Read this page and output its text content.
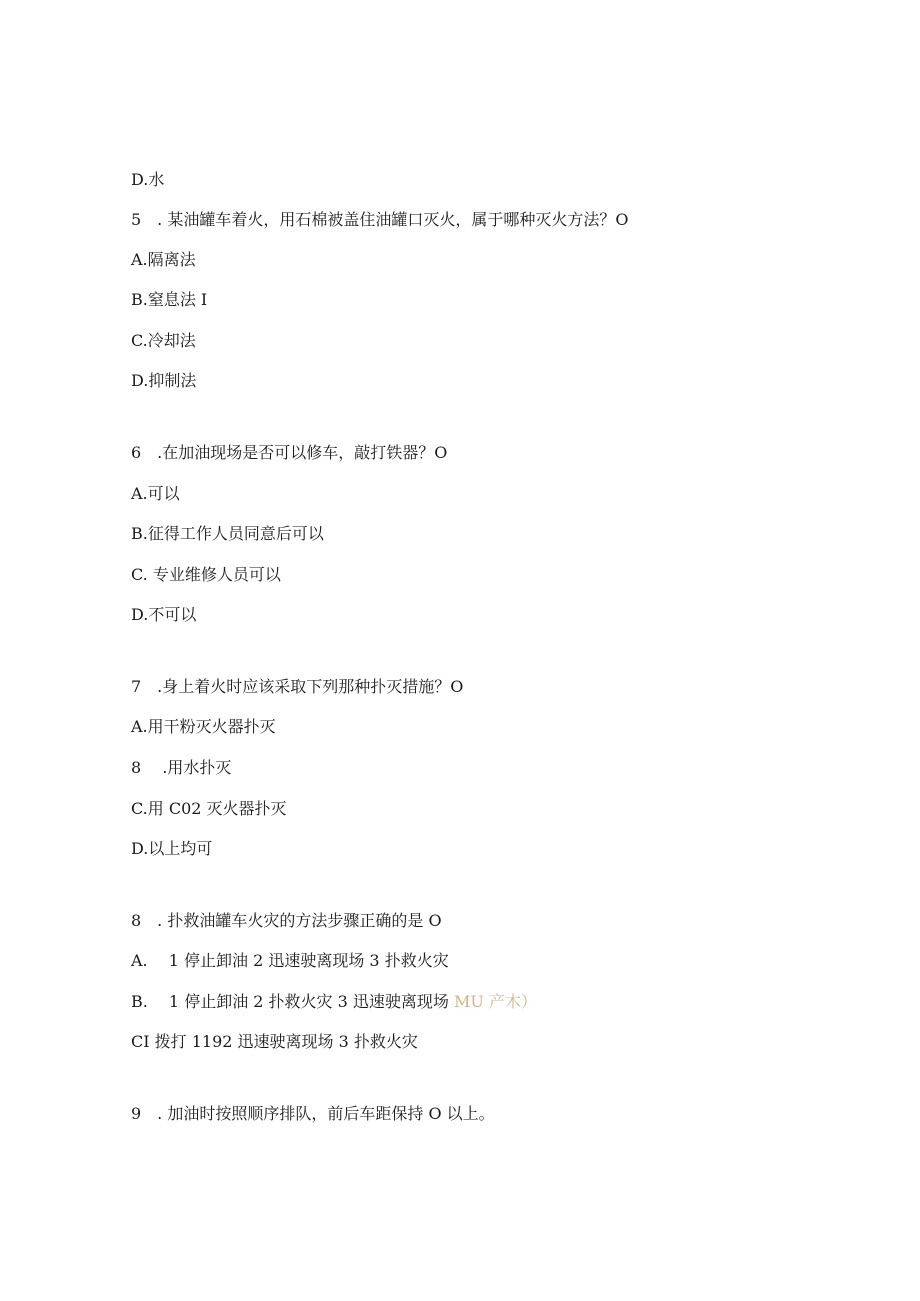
D.水
5　. 某油罐车着火，用石棉被盖住油罐口灭火，属于哪种灭火方法？O
A.隔离法
B.窒息法 I
C.冷却法
D.抑制法
6　.在加油现场是否可以修车，敲打铁器？O
A.可以
B.征得工作人员同意后可以
C. 专业维修人员可以
D.不可以
7　.身上着火时应该采取下列那种扑灭措施？O
A.用干粉灭火器扑灭
8　 .用水扑灭
C.用 C02 灭火器扑灭
D.以上均可
8　. 扑救油罐车火灾的方法步骤正确的是 O
A.　 1 停止卸油 2 迅速驶离现场 3 扑救火灾
B.　 1 停止卸油 2 扑救火灾 3 迅速驶离现场 MU 产木）
CI 拨打 1192 迅速驶离现场 3 扑救火灾
9　. 加油时按照顺序排队，前后车距保持 O 以上。
